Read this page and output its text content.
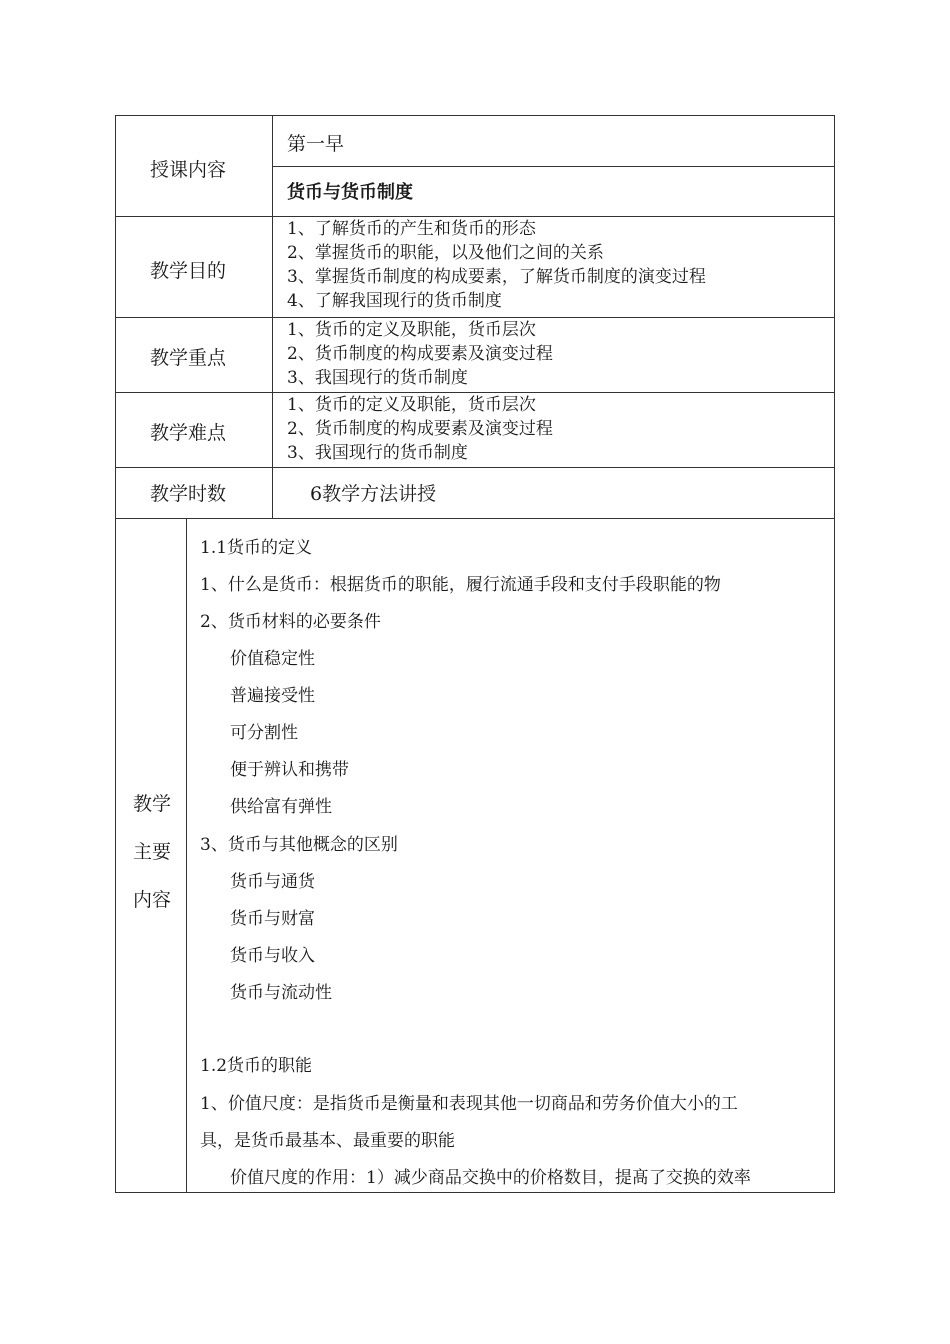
授课内容
教学目的
教学重点
教学难点
教学时数
第一早
货币与货币制度
1、了解货币的产生和货币的形态
2、掌握货币的职能，以及他们之间的关系
3、掌握货币制度的构成要素，了解货币制度的演变过程
4、了解我国现行的货币制度
1、货币的定义及职能，货币层次
2、货币制度的构成要素及演变过程
3、我国现行的货币制度
1、货币的定义及职能，货币层次
2、货币制度的构成要素及演变过程
3、我国现行的货币制度
6教学方法讲授
教学
主要
内容
1.1货币的定义
1、什么是货币：根据货币的职能，履行流通手段和支付手段职能的物
2、货币材料的必要条件
价值稳定性
普遍接受性
可分割性
便于辨认和携带
供给富有弹性
3、货币与其他概念的区别
货币与通货
货币与财富
货币与收入
货币与流动性
1.2货币的职能
1、价值尺度：是指货币是衡量和表现其他一切商品和劳务价值大小的工
具，是货币最基本、最重要的职能
价值尺度的作用：1）减少商品交换中的价格数目，提髙了交换的效率
